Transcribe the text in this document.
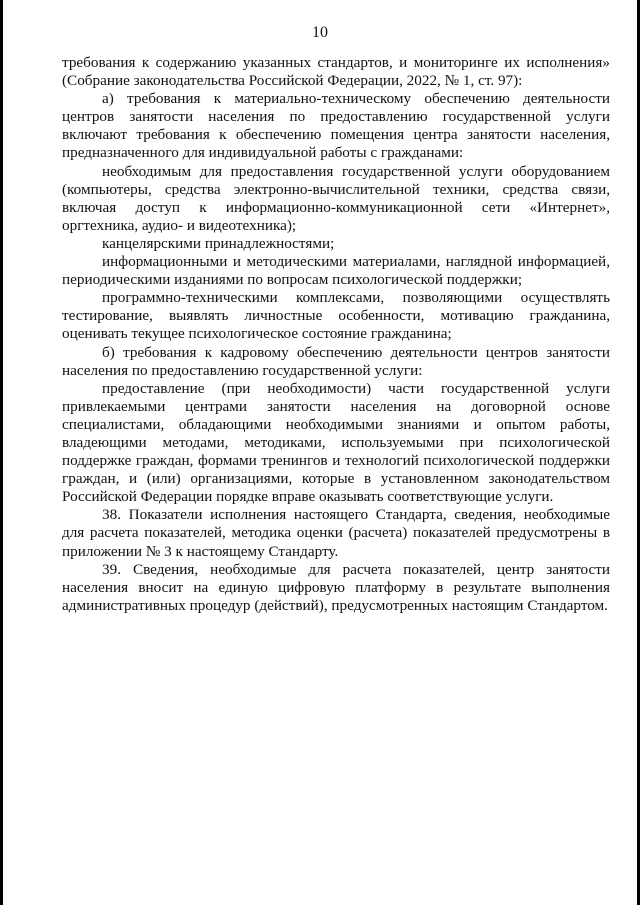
10

требования к содержанию указанных стандартов, и мониторинге их исполнения» (Собрание законодательства Российской Федерации, 2022, № 1, ст. 97):

а) требования к материально-техническому обеспечению деятельности центров занятости населения по предоставлению государственной услуги включают требования к обеспечению помещения центра занятости населения, предназначенного для индивидуальной работы с гражданами:

необходимым для предоставления государственной услуги оборудованием (компьютеры, средства электронно-вычислительной техники, средства связи, включая доступ к информационно-коммуникационной сети «Интернет», оргтехника, аудио- и видеотехника);

канцелярскими принадлежностями;

информационными и методическими материалами, наглядной информацией, периодическими изданиями по вопросам психологической поддержки;

программно-техническими комплексами, позволяющими осуществлять тестирование, выявлять личностные особенности, мотивацию гражданина, оценивать текущее психологическое состояние гражданина;

б) требования к кадровому обеспечению деятельности центров занятости населения по предоставлению государственной услуги:

предоставление (при необходимости) части государственной услуги привлекаемыми центрами занятости населения на договорной основе специалистами, обладающими необходимыми знаниями и опытом работы, владеющими методами, методиками, используемыми при психологической поддержке граждан, формами тренингов и технологий психологической поддержки граждан, и (или) организациями, которые в установленном законодательством Российской Федерации порядке вправе оказывать соответствующие услуги.

38. Показатели исполнения настоящего Стандарта, сведения, необходимые для расчета показателей, методика оценки (расчета) показателей предусмотрены в приложении № 3 к настоящему Стандарту.

39. Сведения, необходимые для расчета показателей, центр занятости населения вносит на единую цифровую платформу в результате выполнения административных процедур (действий), предусмотренных настоящим Стандартом.
